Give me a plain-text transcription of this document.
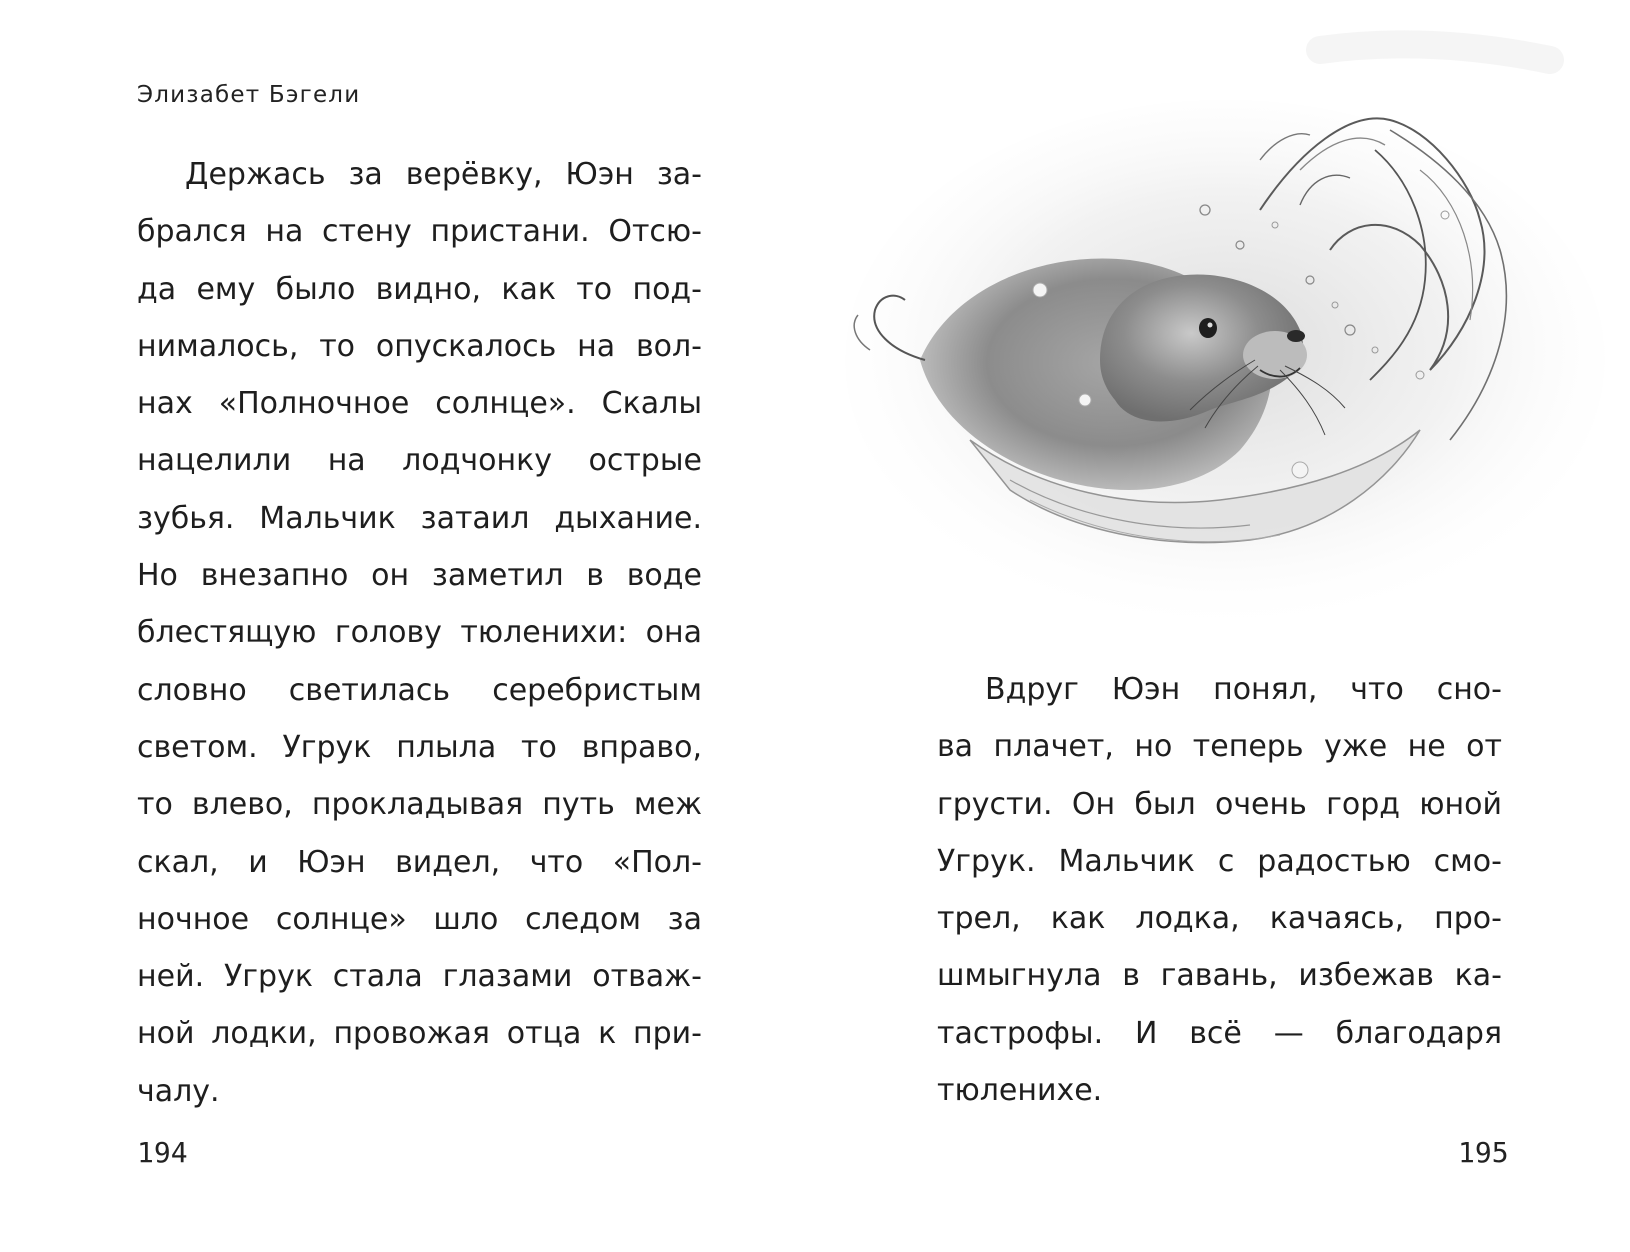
Элизабет Бэгели
Держась за верёвку, Юэн за-
брался на стену пристани. Отсю-
да ему было видно, как то под-
нималось, то опускалось на вол-
нах «Полночное солнце». Скалы
нацелили на лодчонку острые
зубья. Мальчик затаил дыхание.
Но внезапно он заметил в воде
блестящую голову тюленихи: она
словно светилась серебристым
светом. Угрук плыла то вправо,
то влево, прокладывая путь меж
скал, и Юэн видел, что «Пол-
ночное солнце» шло следом за
ней. Угрук стала глазами отваж-
ной лодки, провожая отца к при-
чалу.
194
Вдруг Юэн понял, что сно-
ва плачет, но теперь уже не от
грусти. Он был очень горд юной
Угрук. Мальчик с радостью смо-
трел, как лодка, качаясь, про-
шмыгнула в гавань, избежав ка-
тастрофы. И всё — благодаря
тюленихе.
195
